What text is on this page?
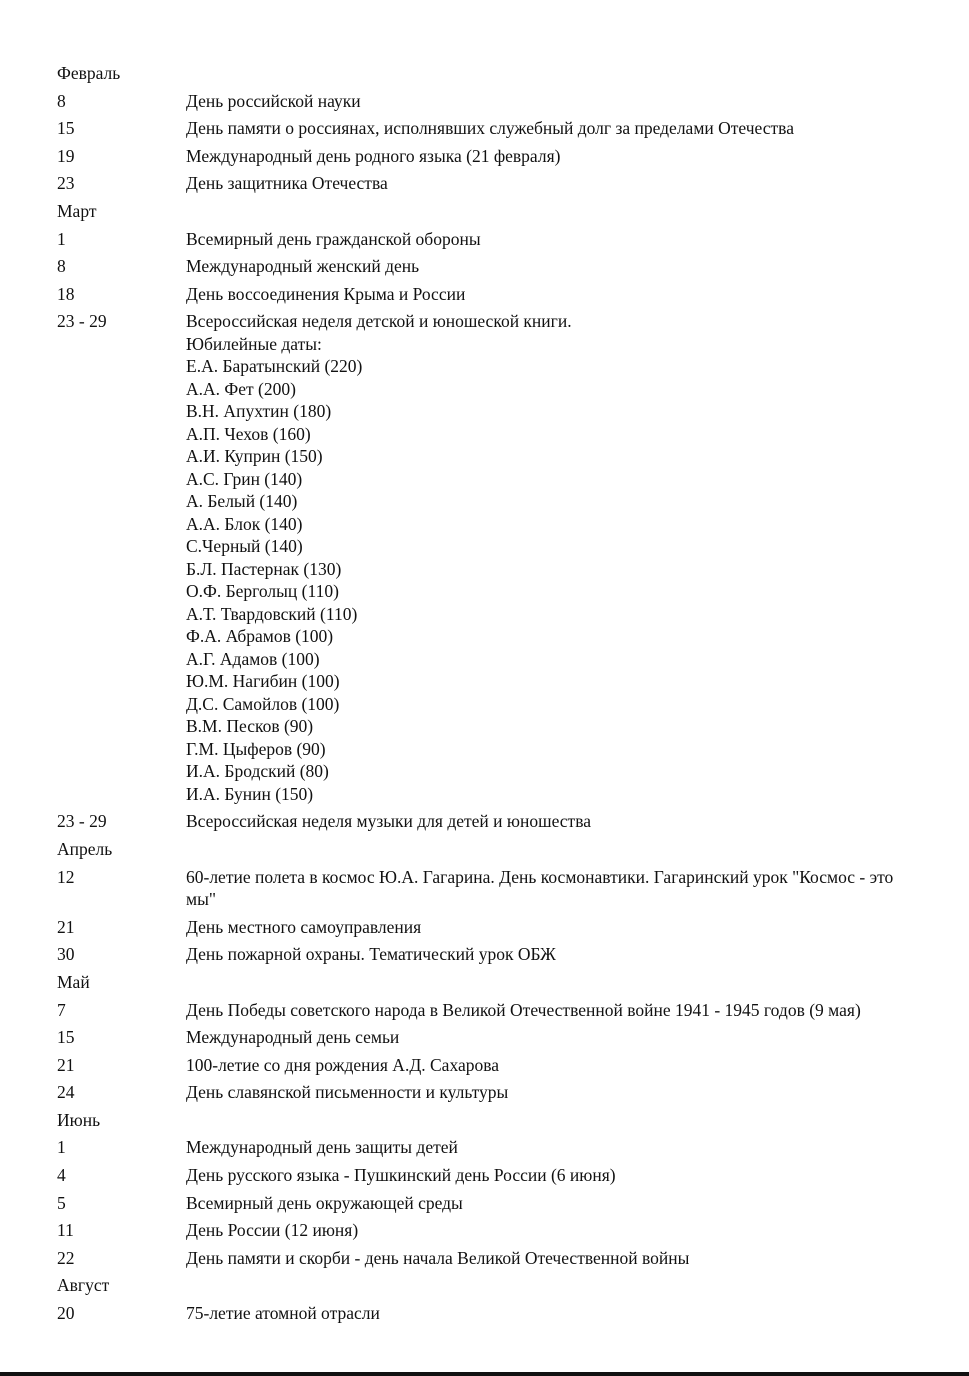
Февраль
8	День российской науки
15	День памяти о россиянах, исполнявших служебный долг за пределами Отечества
19	Международный день родного языка (21 февраля)
23	День защитника Отечества
Март
1	Всемирный день гражданской обороны
8	Международный женский день
18	День воссоединения Крыма и России
23 - 29	Всероссийская неделя детской и юношеской книги.
Юбилейные даты:
Е.А. Баратынский (220)
А.А. Фет (200)
В.Н. Апухтин (180)
А.П. Чехов (160)
А.И. Куприн (150)
А.С. Грин (140)
А. Белый (140)
А.А. Блок (140)
С.Черный (140)
Б.Л. Пастернак (130)
О.Ф. Берголыц (110)
А.Т. Твардовский (110)
Ф.А. Абрамов (100)
А.Г. Адамов (100)
Ю.М. Нагибин (100)
Д.С. Самойлов (100)
В.М. Песков (90)
Г.М. Цыферов (90)
И.А. Бродский (80)
И.А. Бунин (150)
23 - 29	Всероссийская неделя музыки для детей и юношества
Апрель
12	60-летие полета в космос Ю.А. Гагарина. День космонавтики. Гагаринский урок "Космос - это мы"
21	День местного самоуправления
30	День пожарной охраны. Тематический урок ОБЖ
Май
7	День Победы советского народа в Великой Отечественной войне 1941 - 1945 годов (9 мая)
15	Международный день семьи
21	100-летие со дня рождения А.Д. Сахарова
24	День славянской письменности и культуры
Июнь
1	Международный день защиты детей
4	День русского языка - Пушкинский день России (6 июня)
5	Всемирный день окружающей среды
11	День России (12 июня)
22	День памяти и скорби - день начала Великой Отечественной войны
Август
20	75-летие атомной отрасли
